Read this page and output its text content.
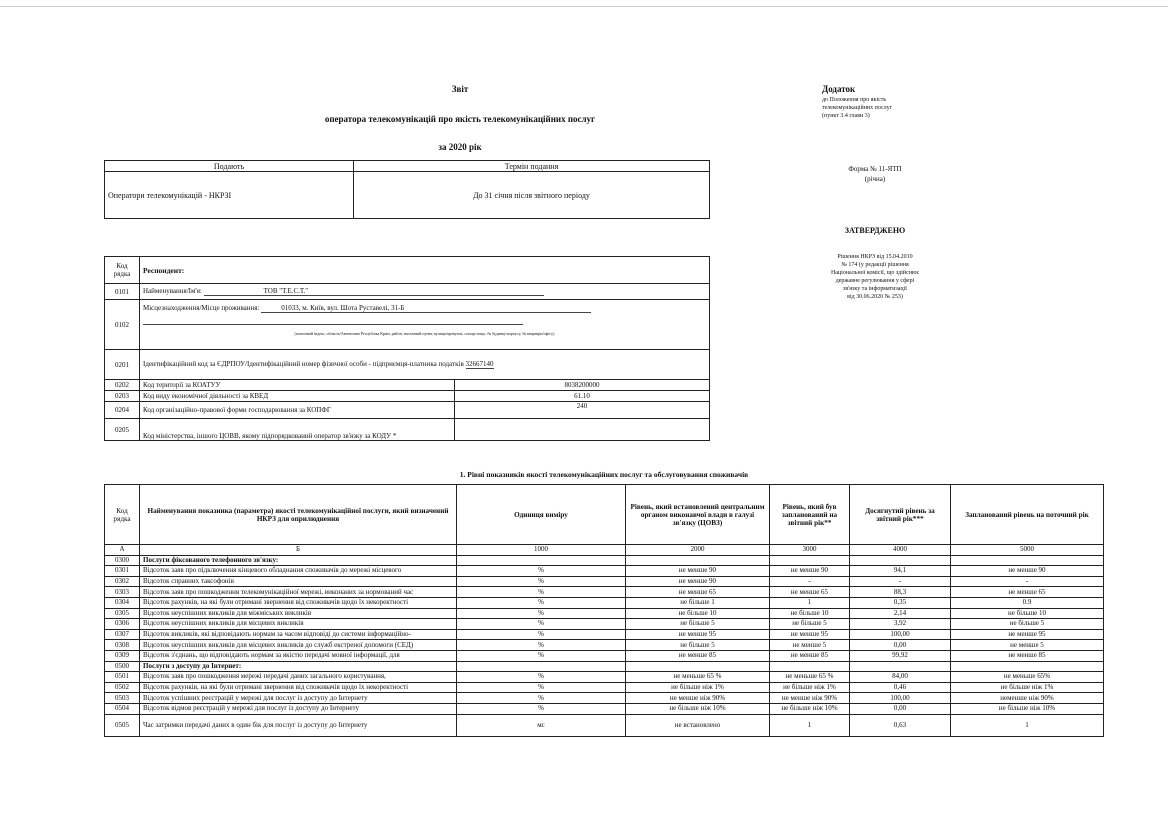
Звіт
оператора телекомунікацій про якість телекомунікаційних послуг
за 2020 рік
Додаток
до Положення про якість
телекомунікаційних послуг
(пункт 3.4 глави 3)
Форма № 11-ЯТП
(річна)
ЗАТВЕРДЖЕНО
Рішення НКРЗ від 15.04.2010
№ 174 (у редакції рішення
Національної комісії, що здійснює
державне регулювання у сфері
зв'язку та інформатизації
від 30.06.2020 № 253)
Подають	Термін подання
Оператори телекомунікацій - НКРЗІ	До 31 січня після звітного періоду
Код рядка	Респондент:	
0101	Найменування/Ім'я: ТОВ "Т.Е.С.Т."	
0102	Місцезнаходження/Місце проживання: 01033, м. Київ, вул. Шота Руставелі, 31-Б
(поштовий індекс, область/Автономна Республіка Крим, район, населений пункт, вулиця/провулок, площа тощо, № будинку/корпусу, № квартири/офісу)	

0201	Ідентифікаційний код за ЄДРПОУ/Ідентифікаційний номер фізичної особи - підприємця-платника податків 32667140	
0202	Код території за КОАТУУ	8038200000
0203	Код виду економічної діяльності за КВЕД	61.10
0204	Код організаційно-правової форми господарювання за КОПФГ	240
0205	Код міністерства, іншого ЦОВВ, якому підпорядкований оператор зв'язку за КОДУ *	
1. Рівні показників якості телекомунікаційних послуг та обслуговування споживачів
Код рядка	Найменування показника (параметра) якості телекомунікаційної послуги, який визначений НКРЗ для оприлюднення	Одиниця виміру	Рівень, який встановлений центральним органом виконавчої влади в галузі зв'язку (ЦОВЗ)	Рівень, який був запланований на звітний рік**	Досягнутий рівень за звітний рік***	Запланований рівень на поточний рік
А	Б	1000	2000	3000	4000	5000
0300	Послуги фіксованого телефонного зв'язку:					
0301	Відсоток заяв про підключення кінцевого обладнання споживачів до мережі місцевого	%	не менше 90	не менше 90	94,1	не менше 90
0302	Відсоток справних таксофонів	%	не менше 90	-	-	-
0303	Відсоток заяв про пошкодження телекомунікаційної мережі, виконаних за нормований час	%	не менше 65	не менше 65	88,3	не менше 65
0304	Відсоток рахунків, на які були отримані звернення від споживачів щодо їх некоректності	%	не більше 1	1	0,35	0.9
0305	Відсоток неуспішних викликів для міжміських викликів	%	не більше 10	не більше 10	2,14	не більше 10
0306	Відсоток неуспішних викликів для місцевих викликів	%	не більше 5	не більше 5	3,92	не більше 5
0307	Відсоток викликів, які відповідають нормам за часом відповіді до системи інформаційно-	%	не менше 95	не менше 95	100,00	не менше 95
0308	Відсоток неуспішних викликів для місцевих викликів до служб екстреної допомоги (СЕД)	%	не більше 5	не менше 5	0,00	не менше 5
0309	Відсоток з'єднань, що відповідають нормам за якістю передачі мовної інформації, для	%	не менше 85	не менше 85	99,92	не менше 85
0500	Послуги з доступу до Інтернет:					
0501	Відсоток заяв про пошкодження мережі передачі даних загального користування,	%	не меньше 65 %	не меньше 65 %	84,00	не меньше 65%
0502	Відсоток рахунків, на які були отримані звернення від споживачів щодо їх некоректності	%	не більше ніж 1%	не більше ніж 1%	0,46	не більше ніж 1%
0503	Відсоток успішних реєстрацій у мережі для послуг із доступу до Інтернету	%	не менше ніж 90%	не менше ніж 90%	100,00	неменше ніж 90%
0504	Відсоток відмов реєстрацій у мережі для послуг із доступу до Інтернету	%	не більше ніж 10%	не більше ніж 10%	0,00	не більше ніж 10%
0505	Час затримки передачі даних в один бік для послуг із доступу до Інтернету	мс	не встановлено	1	0,63	1
